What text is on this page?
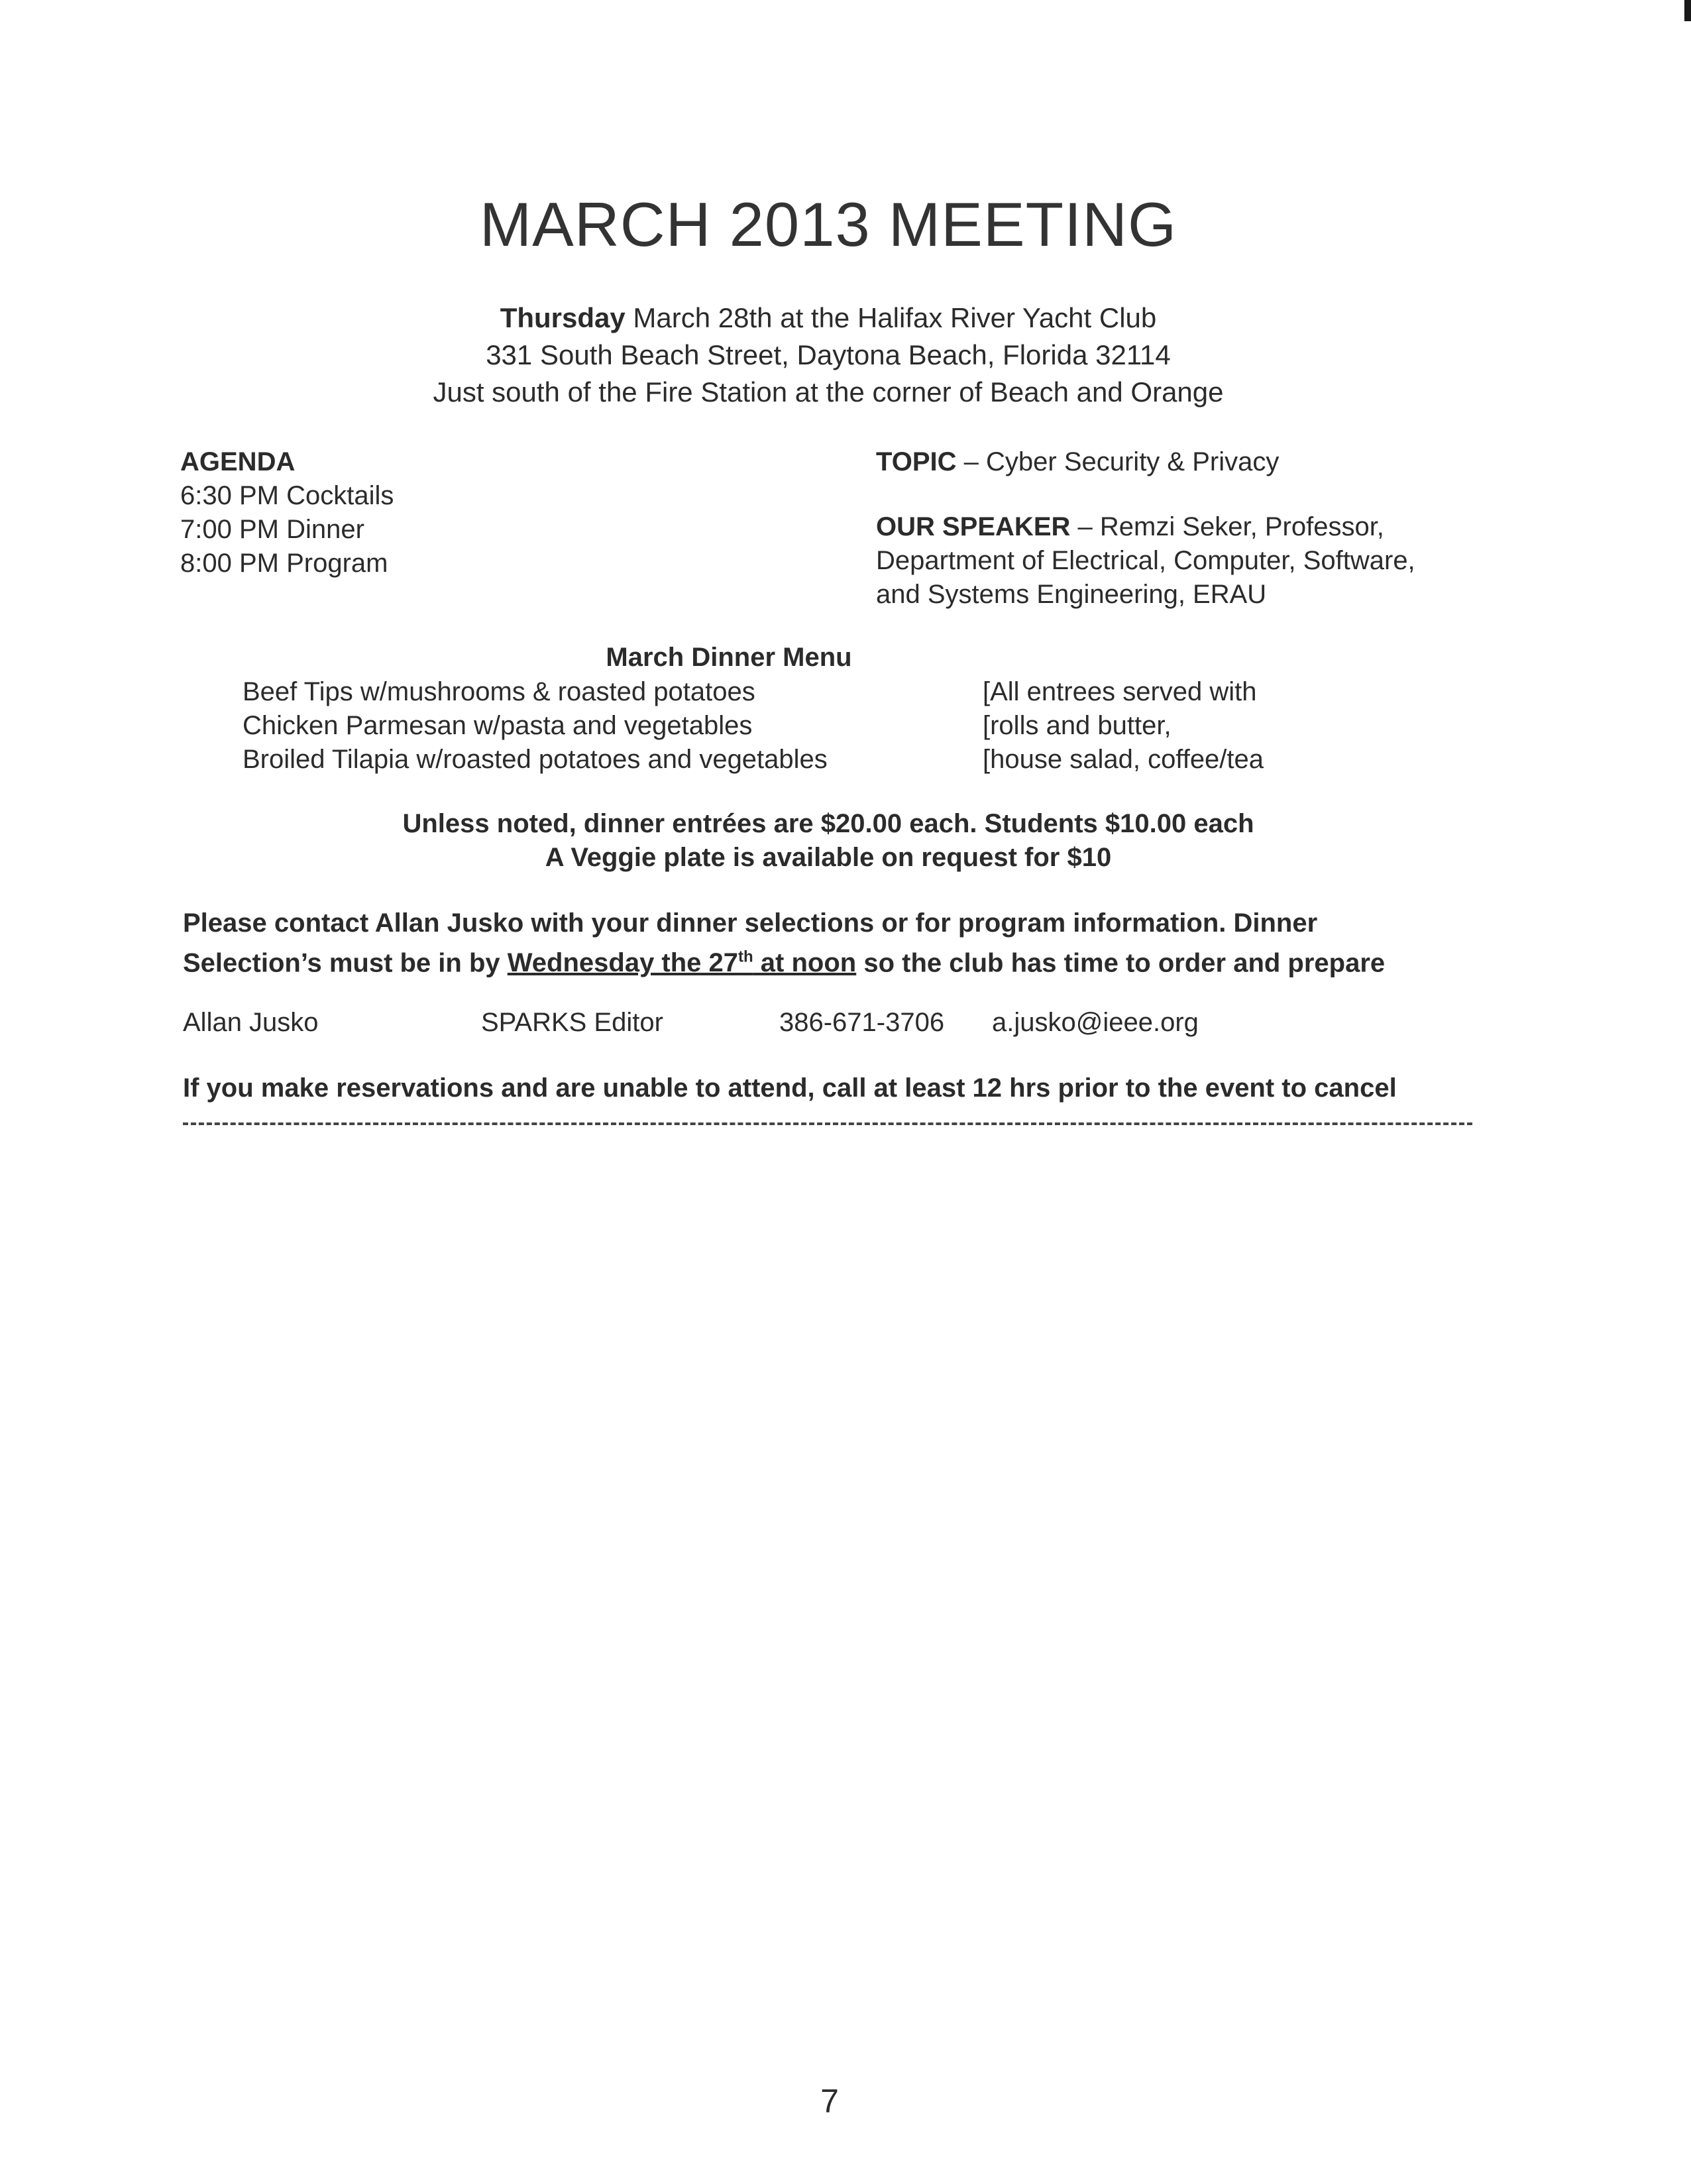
MARCH 2013 MEETING
Thursday March 28th at the Halifax River Yacht Club
331 South Beach Street, Daytona Beach, Florida 32114
Just south of the Fire Station at the corner of Beach and Orange
AGENDA
6:30 PM Cocktails
7:00 PM Dinner
8:00 PM Program
TOPIC – Cyber Security & Privacy
OUR SPEAKER – Remzi Seker, Professor,
Department of Electrical, Computer, Software,
and Systems Engineering, ERAU
March Dinner Menu
Beef Tips w/mushrooms & roasted potatoes
Chicken Parmesan w/pasta and vegetables
Broiled Tilapia w/roasted potatoes and vegetables
[All entrees served with
[rolls and butter,
[house salad, coffee/tea
Unless noted, dinner entrées are $20.00 each. Students $10.00 each
A Veggie plate is available on request for $10
Please contact Allan Jusko with your dinner selections or for program information. Dinner
Selection’s must be in by Wednesday the 27th at noon so the club has time to order and prepare
Allan Jusko	SPARKS Editor	386-671-3706 a.jusko@ieee.org
If you make reservations and are unable to attend, call at least 12 hrs prior to the event to cancel
7
